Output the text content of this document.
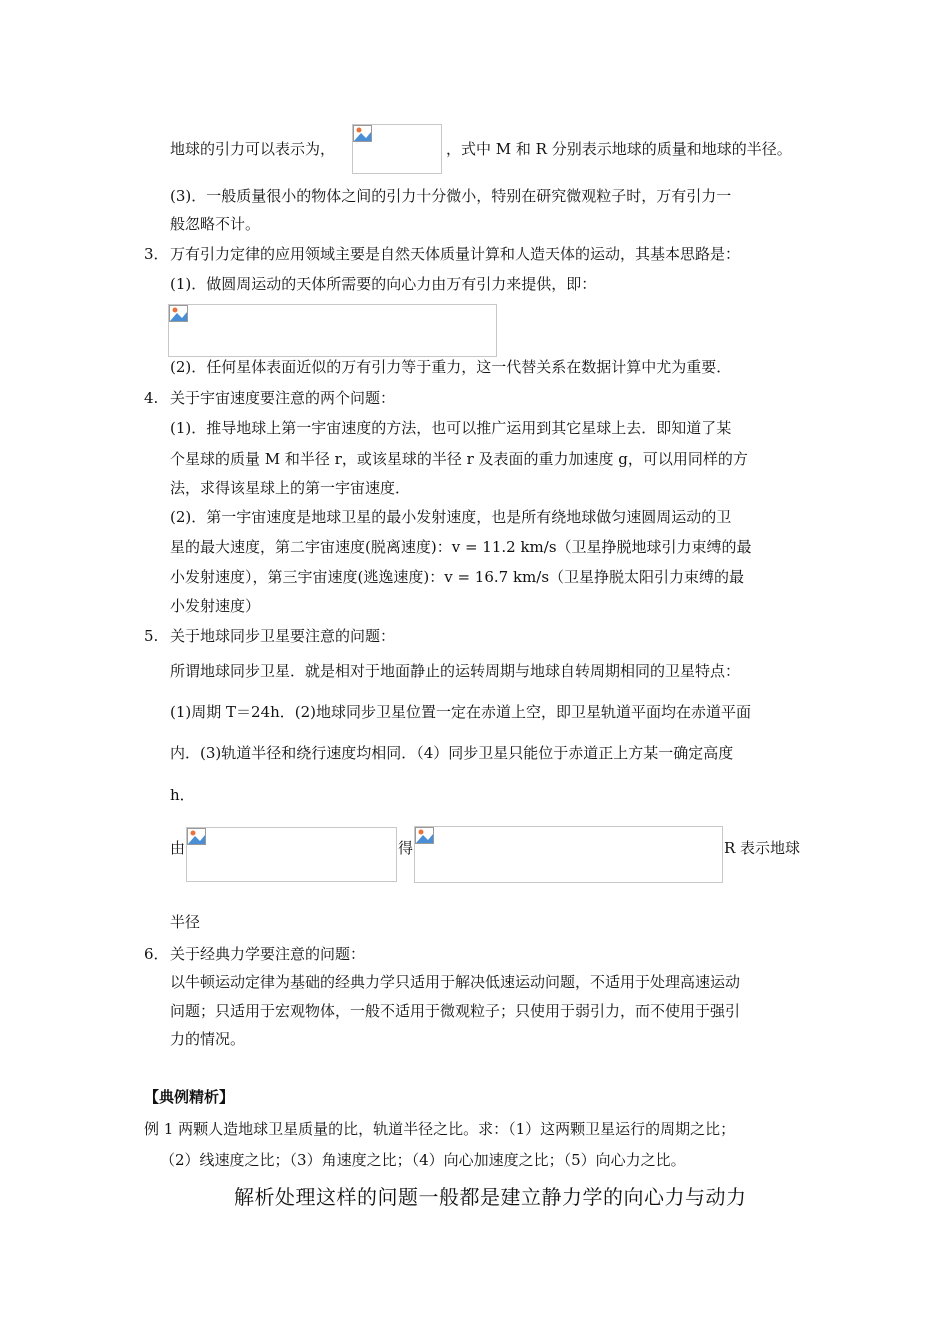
地球的引力可以表示为，	，式中 M 和 R 分别表示地球的质量和地球的半径。
(3)．一般质量很小的物体之间的引力十分微小，特别在研究微观粒子时，万有引力一
般忽略不计。
3． 万有引力定律的应用领域主要是自然天体质量计算和人造天体的运动，其基本思路是：
(1)．做圆周运动的天体所需要的向心力由万有引力来提供，即：
(2)．任何星体表面近似的万有引力等于重力，这一代替关系在数据计算中尤为重要．
4. 关于宇宙速度要注意的两个问题：
(1)．推导地球上第一宇宙速度的方法，也可以推广运用到其它星球上去．即知道了某
个星球的质量 M 和半径 r，或该星球的半径 r 及表面的重力加速度 g，可以用同样的方
法，求得该星球上的第一宇宙速度．
(2)．第一宇宙速度是地球卫星的最小发射速度，也是所有绕地球做匀速圆周运动的卫
星的最大速度，第二宇宙速度(脱离速度)：v = 11.2 km/s（卫星挣脱地球引力束缚的最
小发射速度），第三宇宙速度(逃逸速度)：v = 16.7 km/s（卫星挣脱太阳引力束缚的最
小发射速度）
5. 关于地球同步卫星要注意的问题：
所谓地球同步卫星．就是相对于地面静止的运转周期与地球自转周期相同的卫星特点：
(1)周期 T＝24h．(2)地球同步卫星位置一定在赤道上空，即卫星轨道平面均在赤道平面
内．(3)轨道半径和绕行速度均相同．（4）同步卫星只能位于赤道正上方某一确定高度
h．
由	得	R 表示地球
半径
6． 关于经典力学要注意的问题：
以牛顿运动定律为基础的经典力学只适用于解决低速运动问题，不适用于处理高速运动
问题；只适用于宏观物体，一般不适用于微观粒子；只使用于弱引力，而不使用于强引
力的情况。
【典例精析】
例 1 两颗人造地球卫星质量的比，轨道半径之比。求：（1）这两颗卫星运行的周期之比；
（2）线速度之比；（3）角速度之比；（4）向心加速度之比；（5）向心力之比。
解析处理这样的问题一般都是建立静力学的向心力与动力
